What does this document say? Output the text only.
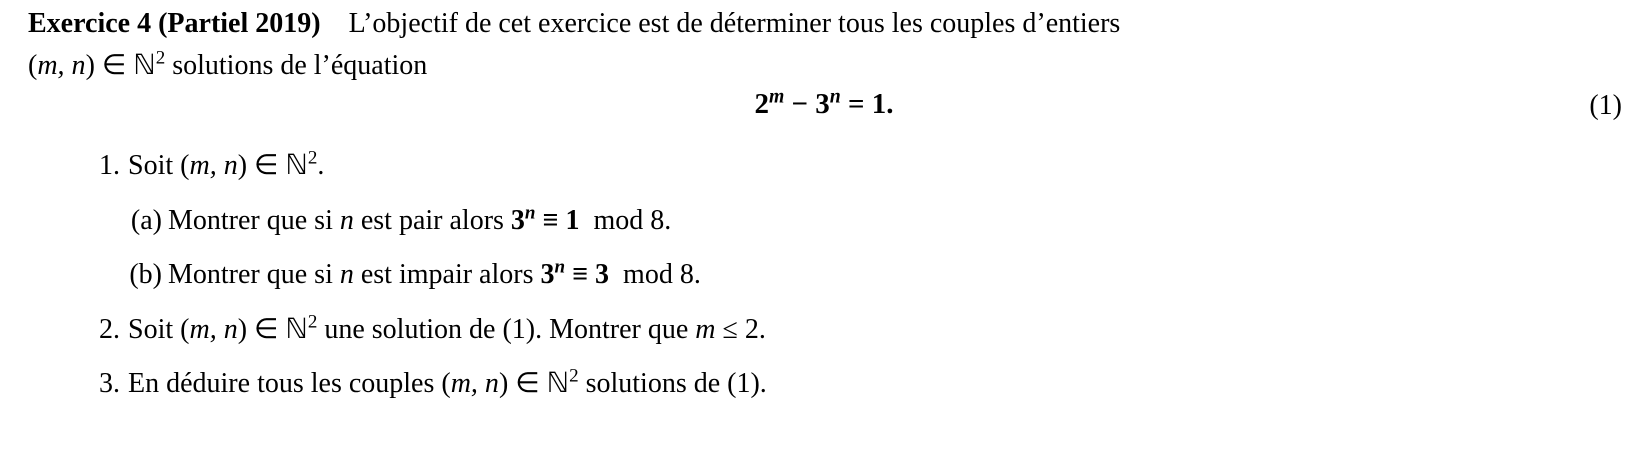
Exercice 4 (Partiel 2019) L’objectif de cet exercice est de déterminer tous les couples d’entiers
(m, n) ∈ ℕ$^2$ solutions de l’équation
$2^m - 3^n = 1$.	(1)
1. Soit (m, n) ∈ ℕ$^2$.
(a) Montrer que si n est pair alors $3^n \equiv 1$ mod 8.
(b) Montrer que si n est impair alors $3^n \equiv 3$ mod 8.
2. Soit (m, n) ∈ ℕ$^2$ une solution de (1). Montrer que m ≤ 2.
3. En déduire tous les couples (m, n) ∈ ℕ$^2$ solutions de (1).
